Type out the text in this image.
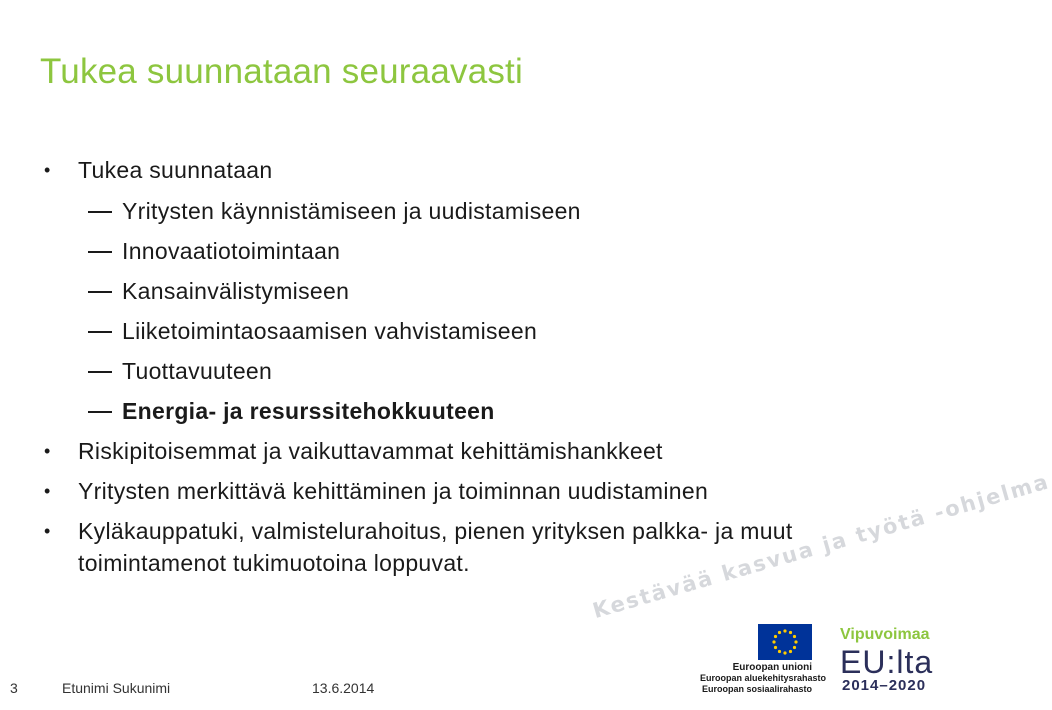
Tukea suunnataan seuraavasti
• Tukea suunnataan
Yritysten käynnistämiseen ja uudistamiseen
Innovaatiotoimintaan
Kansainvälistymiseen
Liiketoimintaosaamisen vahvistamiseen
Tuottavuuteen
Energia- ja resurssitehokkuuteen
• Riskipitoisemmat ja vaikuttavammat kehittämishankkeet
• Yritysten merkittävä kehittäminen ja toiminnan uudistaminen
• Kyläkauppatuki, valmistelurahoitus, pienen yrityksen palkka- ja muut toimintamenot tukimuotoina loppuvat.	Kestävää kasvua ja työtä -ohjelma
3	Etunimi Sukunimi	13.6.2014
Euroopan unioni
Euroopan aluekehitysrahasto
Euroopan sosiaalirahasto
Vipuvoimaa
EU:lta
2014–2020
